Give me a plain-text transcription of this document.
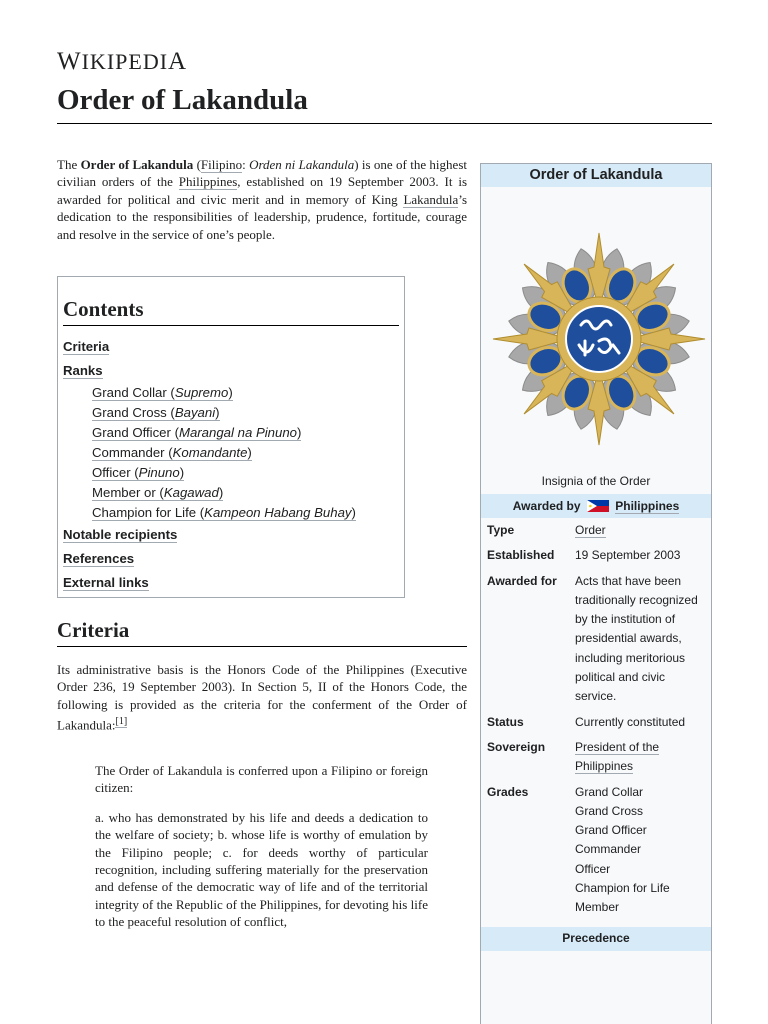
WIKIPEDIA
Order of Lakandula
The Order of Lakandula (Filipino: Orden ni Lakandula) is one of the highest civilian orders of the Philippines, established on 19 September 2003. It is awarded for political and civic merit and in memory of King Lakandula’s dedication to the responsibilities of leadership, prudence, fortitude, courage and resolve in the service of one’s people.
Contents
Criteria
Ranks
Grand Collar (Supremo)
Grand Cross (Bayani)
Grand Officer (Marangal na Pinuno)
Commander (Komandante)
Officer (Pinuno)
Member or (Kagawad)
Champion for Life (Kampeon Habang Buhay)
Notable recipients
References
External links
Criteria
Its administrative basis is the Honors Code of the Philippines (Executive Order 236, 19 September 2003). In Section 5, II of the Honors Code, the following is provided as the criteria for the conferment of the Order of Lakandula:[1]

The Order of Lakandula is conferred upon a Filipino or foreign citizen:

a. who has demonstrated by his life and deeds a dedication to the welfare of society; b. whose life is worthy of emulation by the Filipino people; c. for deeds worthy of particular recognition, including suffering materially for the preservation and defense of the democratic way of life and of the territorial integrity of the Republic of the Philippines, for devoting his life to the peaceful resolution of conflict,

Order of Lakandula
Insignia of the Order
Awarded by	Philippines
Type	Order
Established	19 September 2003
Awarded for	Acts that have been traditionally recognized by the institution of presidential awards, including meritorious political and civic service.
Status	Currently constituted
Sovereign	President of the Philippines
Grades	Grand Collar
Grand Cross
Grand Officer
Commander
Officer
Champion for Life
Member
Precedence
